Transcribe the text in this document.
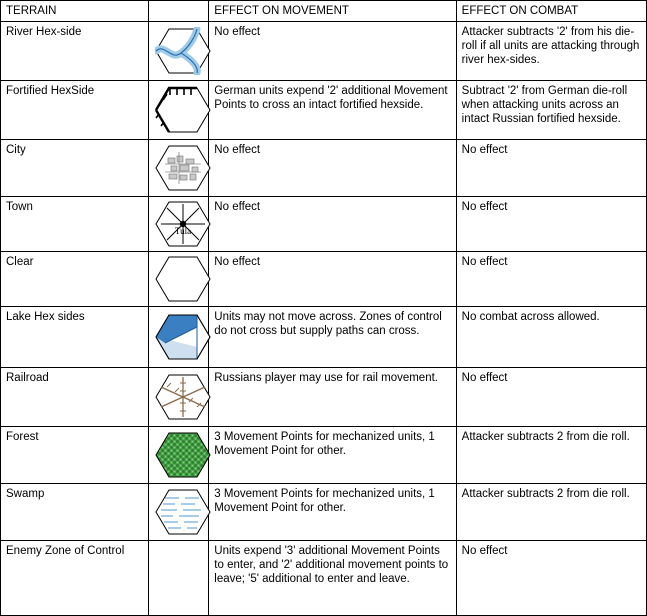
TERRAIN		EFFECT ON MOVEMENT	EFFECT ON COMBAT
River Hex-side		No effect	Attacker subtracts '2' from his die-roll if all units are attacking through river hex-sides.
Fortified HexSide		German units expend '2' additional Movement Points to cross an intact fortified hexside.	Subtract '2' from German die-roll when attacking units across an intact Russian fortified hexside.
City		No effect	No effect
Town	Tula	No effect	No effect
Clear		No effect	No effect
Lake Hex sides		Units may not move across. Zones of control do not cross but supply paths can cross.	No combat across allowed.
Railroad		Russians player may use for rail movement.	No effect
Forest		3 Movement Points for mechanized units, 1 Movement Point for other.	Attacker subtracts 2 from die roll.
Swamp		3 Movement Points for mechanized units, 1 Movement Point for other.	Attacker subtracts 2 from die roll.
Enemy Zone of Control		Units expend '3' additional Movement Points to enter, and '2' additional movement points to leave; '5' additional to enter and leave.	No effect
